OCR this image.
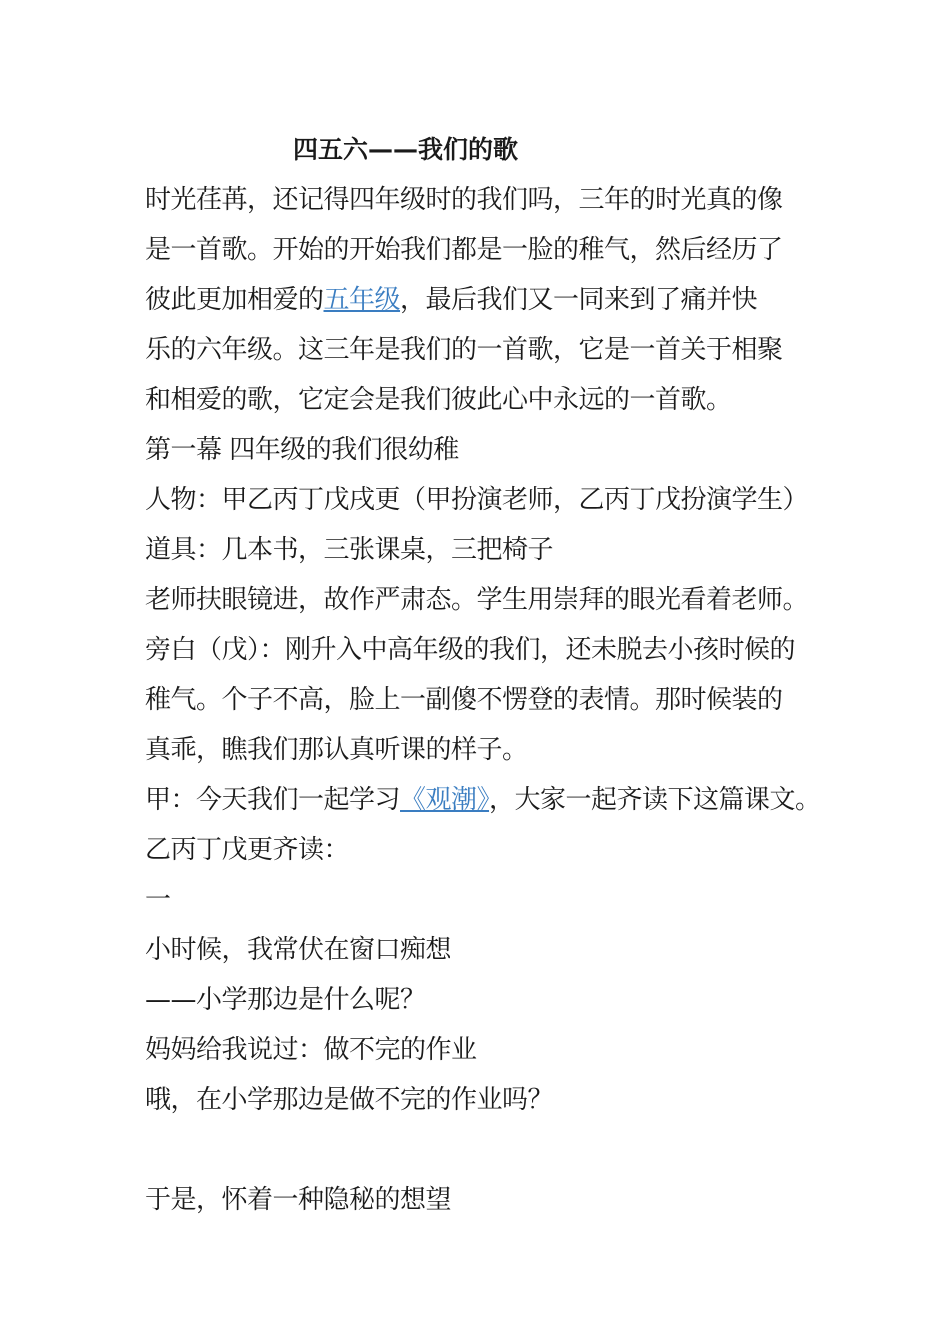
四五六——我们的歌
时光荏苒，还记得四年级时的我们吗，三年的时光真的像
是一首歌。开始的开始我们都是一脸的稚气，然后经历了
彼此更加相爱的五年级，最后我们又一同来到了痛并快
乐的六年级。这三年是我们的一首歌，它是一首关于相聚
和相爱的歌，它定会是我们彼此心中永远的一首歌。
第一幕 四年级的我们很幼稚
人物：甲乙丙丁戊戌更（甲扮演老师，乙丙丁戊扮演学生）
道具：几本书，三张课桌，三把椅子
老师扶眼镜进，故作严肃态。学生用崇拜的眼光看着老师。
旁白（戊）：刚升入中高年级的我们，还未脱去小孩时候的
稚气。个子不高，脸上一副傻不愣登的表情。那时候装的
真乖，瞧我们那认真听课的样子。
甲：今天我们一起学习《观潮》，大家一起齐读下这篇课文。
乙丙丁戊更齐读：
一
小时候，我常伏在窗口痴想
——小学那边是什么呢？
妈妈给我说过：做不完的作业
哦，在小学那边是做不完的作业吗？
于是，怀着一种隐秘的想望
